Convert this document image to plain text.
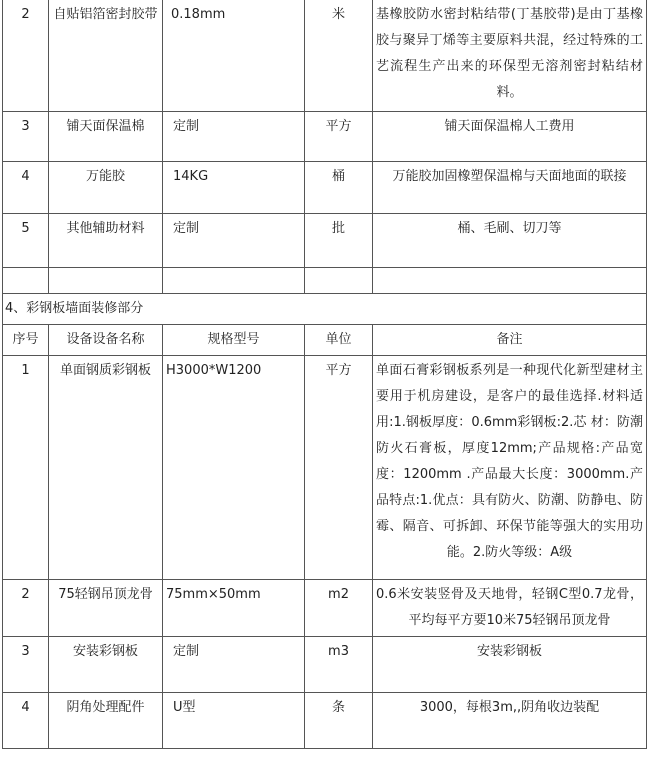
2	自贴铝箔密封胶带	0.18mm	米	基橡胶防水密封粘结带(丁基胶带)是由丁基橡胶与聚异丁烯等主要原料共混，经过特殊的工艺流程生产出来的环保型无溶剂密封粘结材料。
3	铺天面保温棉	定制	平方	铺天面保温棉人工费用
4	万能胶	14KG	桶	万能胶加固橡塑保温棉与天面地面的联接
5	其他辅助材料	定制	批	桶、毛刷、切刀等

4、彩钢板墙面装修部分				
序号	设备设备名称	规格型号	单位	备注
1	单面钢质彩钢板	H3000*W1200	平方	单面石膏彩钢板系列是一种现代化新型建材主要用于机房建设，是客户的最佳选择.材料适用:1.钢板厚度：0.6mm彩钢板:2.芯 材：防潮防火石膏板，厚度12mm;产品规格:产品宽度：1200mm .产品最大长度：3000mm.产品特点:1.优点：具有防火、防潮、防静电、防霉、隔音、可拆卸、环保节能等强大的实用功能。2.防火等级：A级
2	75轻钢吊顶龙骨	75mm×50mm	m2	0.6米安装竖骨及天地骨，轻钢C型0.7龙骨，平均每平方要10米75轻钢吊顶龙骨
3	安装彩钢板	定制	m3	安装彩钢板
4	阴角处理配件	U型	条	3000，每根3m,,阴角收边装配
